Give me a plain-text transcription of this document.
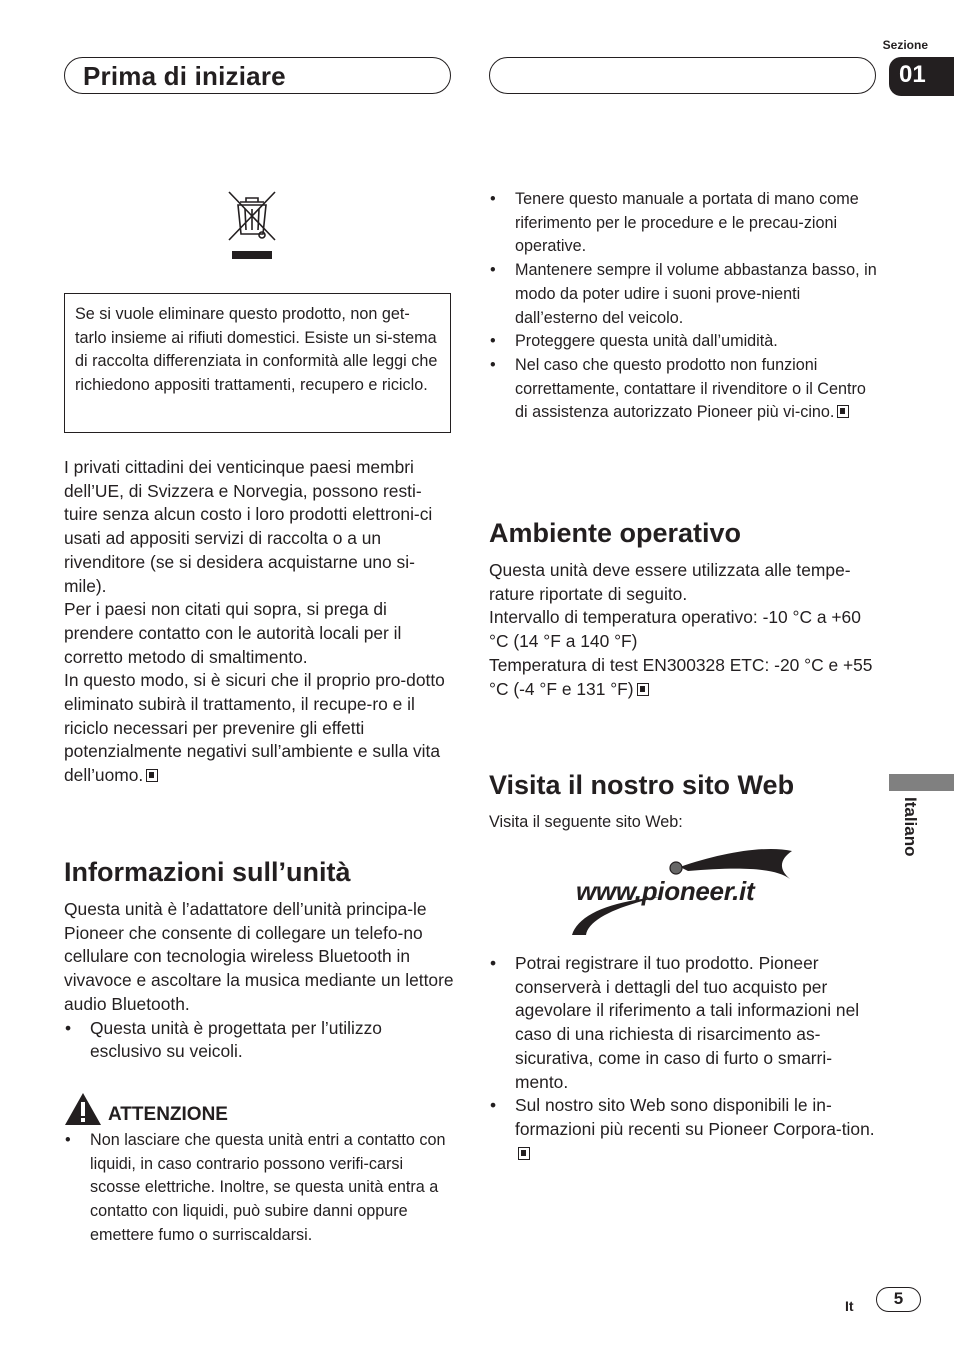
Prima di iniziare
Sezione
01
Italiano

Se si vuole eliminare questo prodotto, non get-tarlo insieme ai rifiuti domestici. Esiste un si-stema di raccolta differenziata in conformità alle leggi che richiedono appositi trattamenti, recupero e riciclo.

I privati cittadini dei venticinque paesi membri dell’UE, di Svizzera e Norvegia, possono resti-tuire senza alcun costo i loro prodotti elettroni-ci usati ad appositi servizi di raccolta o a un rivenditore (se si desidera acquistarne uno si-mile).

Per i paesi non citati qui sopra, si prega di prendere contatto con le autorità locali per il corretto metodo di smaltimento.

In questo modo, si è sicuri che il proprio pro-dotto eliminato subirà il trattamento, il recupe-ro e il riciclo necessari per prevenire gli effetti potenzialmente negativi sull’ambiente e sulla vita dell’uomo.

Informazioni sull’unità

Questa unità è l’adattatore dell’unità principa-le Pioneer che consente di collegare un telefo-no cellulare con tecnologia wireless Bluetooth in vivavoce e ascoltare la musica mediante un lettore audio Bluetooth.

• Questa unità è progettata per l’utilizzo esclusivo su veicoli.
ATTENZIONE
• Non lasciare che questa unità entri a contatto con liquidi, in caso contrario possono verifi-carsi scosse elettriche. Inoltre, se questa unità entra a contatto con liquidi, può subire danni oppure emettere fumo o surriscaldarsi.
• Tenere questo manuale a portata di mano come riferimento per le procedure e le precau-zioni operative.
• Mantenere sempre il volume abbastanza basso, in modo da poter udire i suoni prove-nienti dall’esterno del veicolo.
• Proteggere questa unità dall’umidità.
• Nel caso che questo prodotto non funzioni correttamente, contattare il rivenditore o il Centro di assistenza autorizzato Pioneer più vi-cino.
Ambiente operativo

Questa unità deve essere utilizzata alle tempe-rature riportate di seguito.

Intervallo di temperatura operativo: -10 °C a +60 °C (14 °F a 140 °F)

Temperatura di test EN300328 ETC: -20 °C e +55 °C (-4 °F e 131 °F)

Visita il nostro sito Web
Visita il seguente sito Web:
www.pioneer.it
• Potrai registrare il tuo prodotto. Pioneer conserverà i dettagli del tuo acquisto per agevolare il riferimento a tali informazioni nel caso di una richiesta di risarcimento as-sicurativa, come in caso di furto o smarri-mento.
• Sul nostro sito Web sono disponibili le in-formazioni più recenti su Pioneer Corpora-tion.
It	5
